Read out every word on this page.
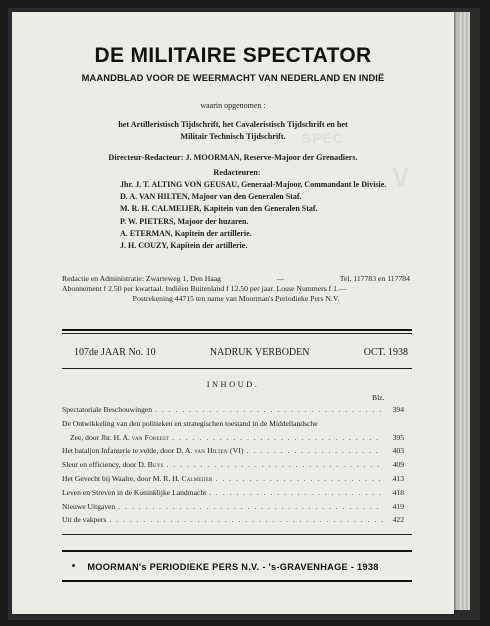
SPEC
V
DE MILITAIRE SPECTATOR
MAANDBLAD VOOR DE WEERMACHT VAN NEDERLAND EN INDIË
waarin opgenomen :
het Artilleristisch Tijdschrift, het Cavaleristisch Tijdschrift en het
Militair Technisch Tijdschrift.
Directeur-Redacteur: J. MOORMAN, Reserve-Majoor der Grenadiers.
Redacteuren:
Jhr. J. T. ALTING VON GEUSAU, Generaal-Majoor, Commandant le Divisie.
D. A. VAN HILTEN, Majoor van den Generalen Staf.
M. R. H. CALMEIJER, Kapitein van den Generalen Staf.
P. W. PIETERS, Majoor der huzaren.
A. ETERMAN, Kapitein der artillerie.
J. H. COUZY, Kapitein der artillerie.
Redactie en Administratie: Zwarteweg 1, Den Haag	—	Tel. 117783 en 117784
Abonnement f 2.50 per kwartaal. Indiëen Buitenland f 12.50 per jaar. Losse Nummers f 1.—
Postrekening 44715 ten name van Moorman's Periodieke Pers N.V.
107de JAAR No. 10	NADRUK VERBODEN	OCT. 1938
INHOUD.
Blz.
Spectatoriale Beschouwingen . . .	394
De Ontwikkeling van den politieken en strategischen toestand in de Middellandsche
Zee, door Jhr. H. A. van Foreest . . .	395
Het bataljon Infanterie te velde, door D. A. van Hilten (VI) . . .	403
Sleur en efficiency, door D. Buys . . .	409
Het Gevecht bij Waalre, door M. R. H. Calmeijer . . .	413
Leven en Streven in de Koninklijke Landmacht . . .	418
Nieuwe Uitgaven . . .	419
Uit de vakpers . . .	422
MOORMAN's PERIODIEKE PERS N.V. - 's-GRAVENHAGE - 1938
